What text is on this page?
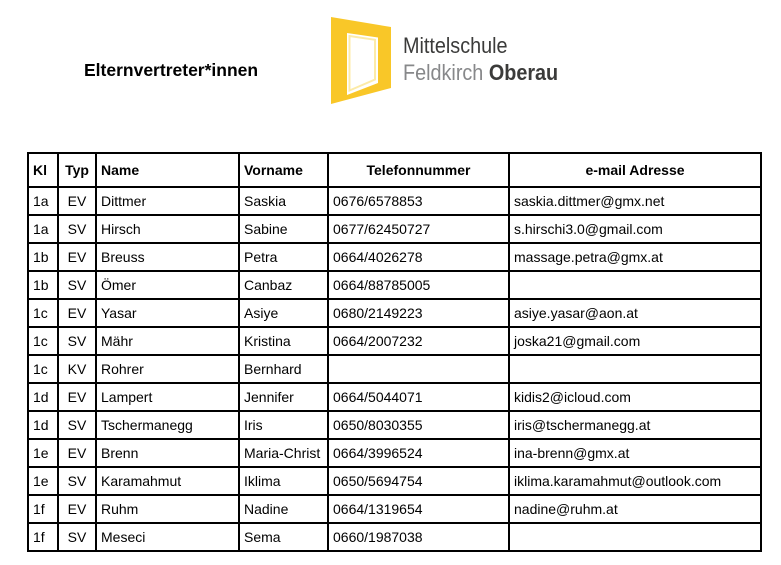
Elternvertreter*innen
Mittelschule
Feldkirch Oberau
Kl	Typ	Name	Vorname	Telefonnummer	e-mail Adresse
1a	EV	Dittmer	Saskia	0676/6578853	saskia.dittmer@gmx.net
1a	SV	Hirsch	Sabine	0677/62450727	s.hirschi3.0@gmail.com
1b	EV	Breuss	Petra	0664/4026278	massage.petra@gmx.at
1b	SV	Ömer	Canbaz	0664/88785005	
1c	EV	Yasar	Asiye	0680/2149223	asiye.yasar@aon.at
1c	SV	Mähr	Kristina	0664/2007232	joska21@gmail.com
1c	KV	Rohrer	Bernhard		
1d	EV	Lampert	Jennifer	0664/5044071	kidis2@icloud.com
1d	SV	Tschermanegg	Iris	0650/8030355	iris@tschermanegg.at
1e	EV	Brenn	Maria-Christ	0664/3996524	ina-brenn@gmx.at
1e	SV	Karamahmut	Iklima	0650/5694754	iklima.karamahmut@outlook.com
1f	EV	Ruhm	Nadine	0664/1319654	nadine@ruhm.at
1f	SV	Meseci	Sema	0660/1987038	
